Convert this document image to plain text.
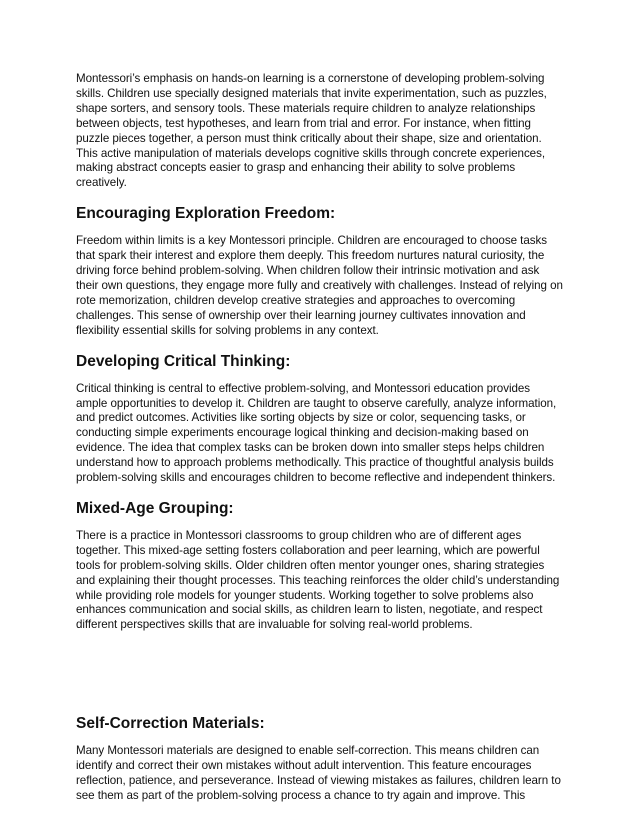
Montessori’s emphasis on hands-on learning is a cornerstone of developing problem-solving
skills. Children use specially designed materials that invite experimentation, such as puzzles,
shape sorters, and sensory tools. These materials require children to analyze relationships
between objects, test hypotheses, and learn from trial and error. For instance, when fitting
puzzle pieces together, a person must think critically about their shape, size and orientation.
This active manipulation of materials develops cognitive skills through concrete experiences,
making abstract concepts easier to grasp and enhancing their ability to solve problems
creatively.

Encouraging Exploration Freedom:

Freedom within limits is a key Montessori principle. Children are encouraged to choose tasks
that spark their interest and explore them deeply. This freedom nurtures natural curiosity, the
driving force behind problem-solving. When children follow their intrinsic motivation and ask
their own questions, they engage more fully and creatively with challenges. Instead of relying on
rote memorization, children develop creative strategies and approaches to overcoming
challenges. This sense of ownership over their learning journey cultivates innovation and
flexibility essential skills for solving problems in any context.

Developing Critical Thinking:

Critical thinking is central to effective problem-solving, and Montessori education provides
ample opportunities to develop it. Children are taught to observe carefully, analyze information,
and predict outcomes. Activities like sorting objects by size or color, sequencing tasks, or
conducting simple experiments encourage logical thinking and decision-making based on
evidence. The idea that complex tasks can be broken down into smaller steps helps children
understand how to approach problems methodically. This practice of thoughtful analysis builds
problem-solving skills and encourages children to become reflective and independent thinkers.

Mixed-Age Grouping:

There is a practice in Montessori classrooms to group children who are of different ages
together. This mixed-age setting fosters collaboration and peer learning, which are powerful
tools for problem-solving skills. Older children often mentor younger ones, sharing strategies
and explaining their thought processes. This teaching reinforces the older child’s understanding
while providing role models for younger students. Working together to solve problems also
enhances communication and social skills, as children learn to listen, negotiate, and respect
different perspectives skills that are invaluable for solving real-world problems.

Self-Correction Materials:

Many Montessori materials are designed to enable self-correction. This means children can
identify and correct their own mistakes without adult intervention. This feature encourages
reflection, patience, and perseverance. Instead of viewing mistakes as failures, children learn to
see them as part of the problem-solving process a chance to try again and improve. This
